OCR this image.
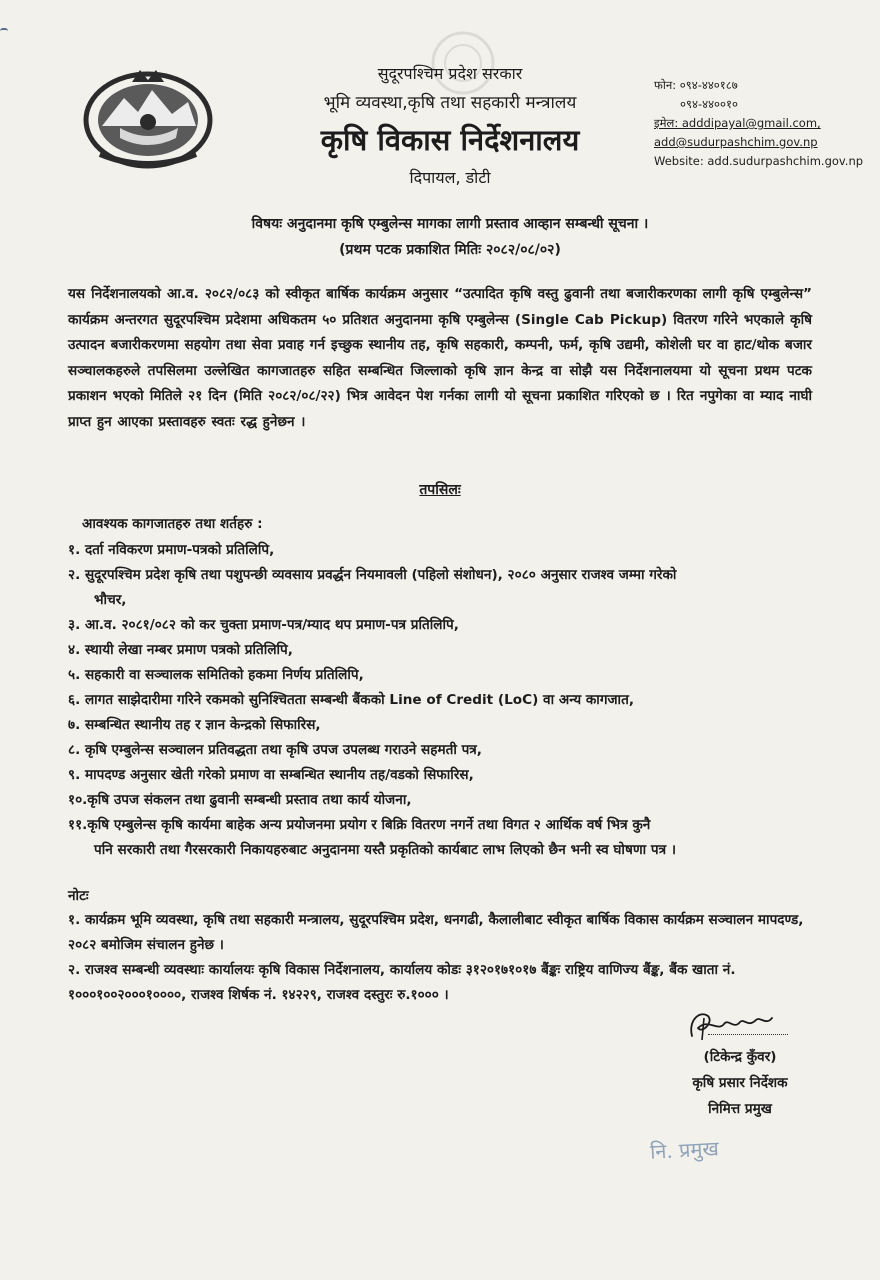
सुदूरपश्चिम प्रदेश सरकार
भूमि व्यवस्था,कृषि तथा सहकारी मन्त्रालय
कृषि विकास निर्देशनालय
दिपायल, डोटी
फोन: ०९४-४४०१८७
०९४-४४००१०
इमेल: adddipayal@gmail.com,
add@sudurpashchim.gov.np
Website: add.sudurpashchim.gov.np
विषयः अनुदानमा कृषि एम्बुलेन्स मागका लागी प्रस्ताव आव्हान सम्बन्धी सूचना ।
(प्रथम पटक प्रकाशित मितिः २०८२/०८/०२)
यस निर्देशनालयको आ.व. २०८२/०८३ को स्वीकृत बार्षिक कार्यक्रम अनुसार “उत्पादित कृषि वस्तु ढुवानी तथा बजारीकरणका लागी कृषि एम्बुलेन्स” कार्यक्रम अन्तरगत सुदूरपश्चिम प्रदेशमा अधिकतम ५० प्रतिशत अनुदानमा कृषि एम्बुलेन्स (Single Cab Pickup) वितरण गरिने भएकाले कृषि उत्पादन बजारीकरणमा सहयोग तथा सेवा प्रवाह गर्न इच्छुक स्थानीय तह, कृषि सहकारी, कम्पनी, फर्म, कृषि उद्यमी, कोशेली घर वा हाट/थोक बजार सञ्चालकहरुले तपसिलमा उल्लेखित कागजातहरु सहित सम्बन्धित जिल्लाको कृषि ज्ञान केन्द्र वा सोझै यस निर्देशनालयमा यो सूचना प्रथम पटक प्रकाशन भएको मितिले २१ दिन (मिति २०८२/०८/२२) भित्र आवेदन पेश गर्नका लागी यो सूचना प्रकाशित गरिएको छ । रित नपुगेका वा म्याद नाघी प्राप्त हुन आएका प्रस्तावहरु स्वतः रद्ध हुनेछन ।
तपसिलः
आवश्यक कागजातहरु तथा शर्तहरु :
१. दर्ता नविकरण प्रमाण-पत्रको प्रतिलिपि,
२. सुदूरपश्चिम प्रदेश कृषि तथा पशुपन्छी व्यवसाय प्रवर्द्धन नियमावली (पहिलो संशोधन), २०८० अनुसार राजश्व जम्मा गरेको
भौचर,
३. आ.व. २०८१/०८२ को कर चुक्ता प्रमाण-पत्र/म्याद थप प्रमाण-पत्र प्रतिलिपि,
४. स्थायी लेखा नम्बर प्रमाण पत्रको प्रतिलिपि,
५. सहकारी वा सञ्चालक समितिको हकमा निर्णय प्रतिलिपि,
६. लागत साझेदारीमा गरिने रकमको सुनिश्चितता सम्बन्धी बैंकको Line of Credit (LoC) वा अन्य कागजात,
७. सम्बन्धित स्थानीय तह र ज्ञान केन्द्रको सिफारिस,
८. कृषि एम्बुलेन्स सञ्चालन प्रतिवद्धता तथा कृषि उपज उपलब्ध गराउने सहमती पत्र,
९. मापदण्ड अनुसार खेती गरेको प्रमाण वा सम्बन्धित स्थानीय तह/वडको सिफारिस,
१०.कृषि उपज संकलन तथा ढुवानी सम्बन्धी प्रस्ताव तथा कार्य योजना,
११.कृषि एम्बुलेन्स कृषि कार्यमा बाहेक अन्य प्रयोजनमा प्रयोग र बिक्रि वितरण नगर्ने तथा विगत २ आर्थिक वर्ष भित्र कुनै
पनि सरकारी तथा गैरसरकारी निकायहरुबाट अनुदानमा यस्तै प्रकृतिको कार्यबाट लाभ लिएको छैन भनी स्व घोषणा पत्र ।
नोटः

१. कार्यक्रम भूमि व्यवस्था, कृषि तथा सहकारी मन्त्रालय, सुदूरपश्चिम प्रदेश, धनगढी, कैलालीबाट स्वीकृत बार्षिक विकास कार्यक्रम सञ्चालन मापदण्ड, २०८२ बमोजिम संचालन हुनेछ ।

२. राजश्व सम्बन्धी व्यवस्थाः कार्यालयः कृषि विकास निर्देशनालय, कार्यालय कोडः ३१२०१७१०१७ बैंङ्कः राष्ट्रिय वाणिज्य बैंङ्क, बैंक खाता नं. १०००१००२०००१००००, राजश्व शिर्षक नं. १४२२९, राजश्व दस्तुरः रु.१००० ।

(टिकेन्द्र कुँवर)
कृषि प्रसार निर्देशक
निमित्त प्रमुख
नि. प्रमुख
